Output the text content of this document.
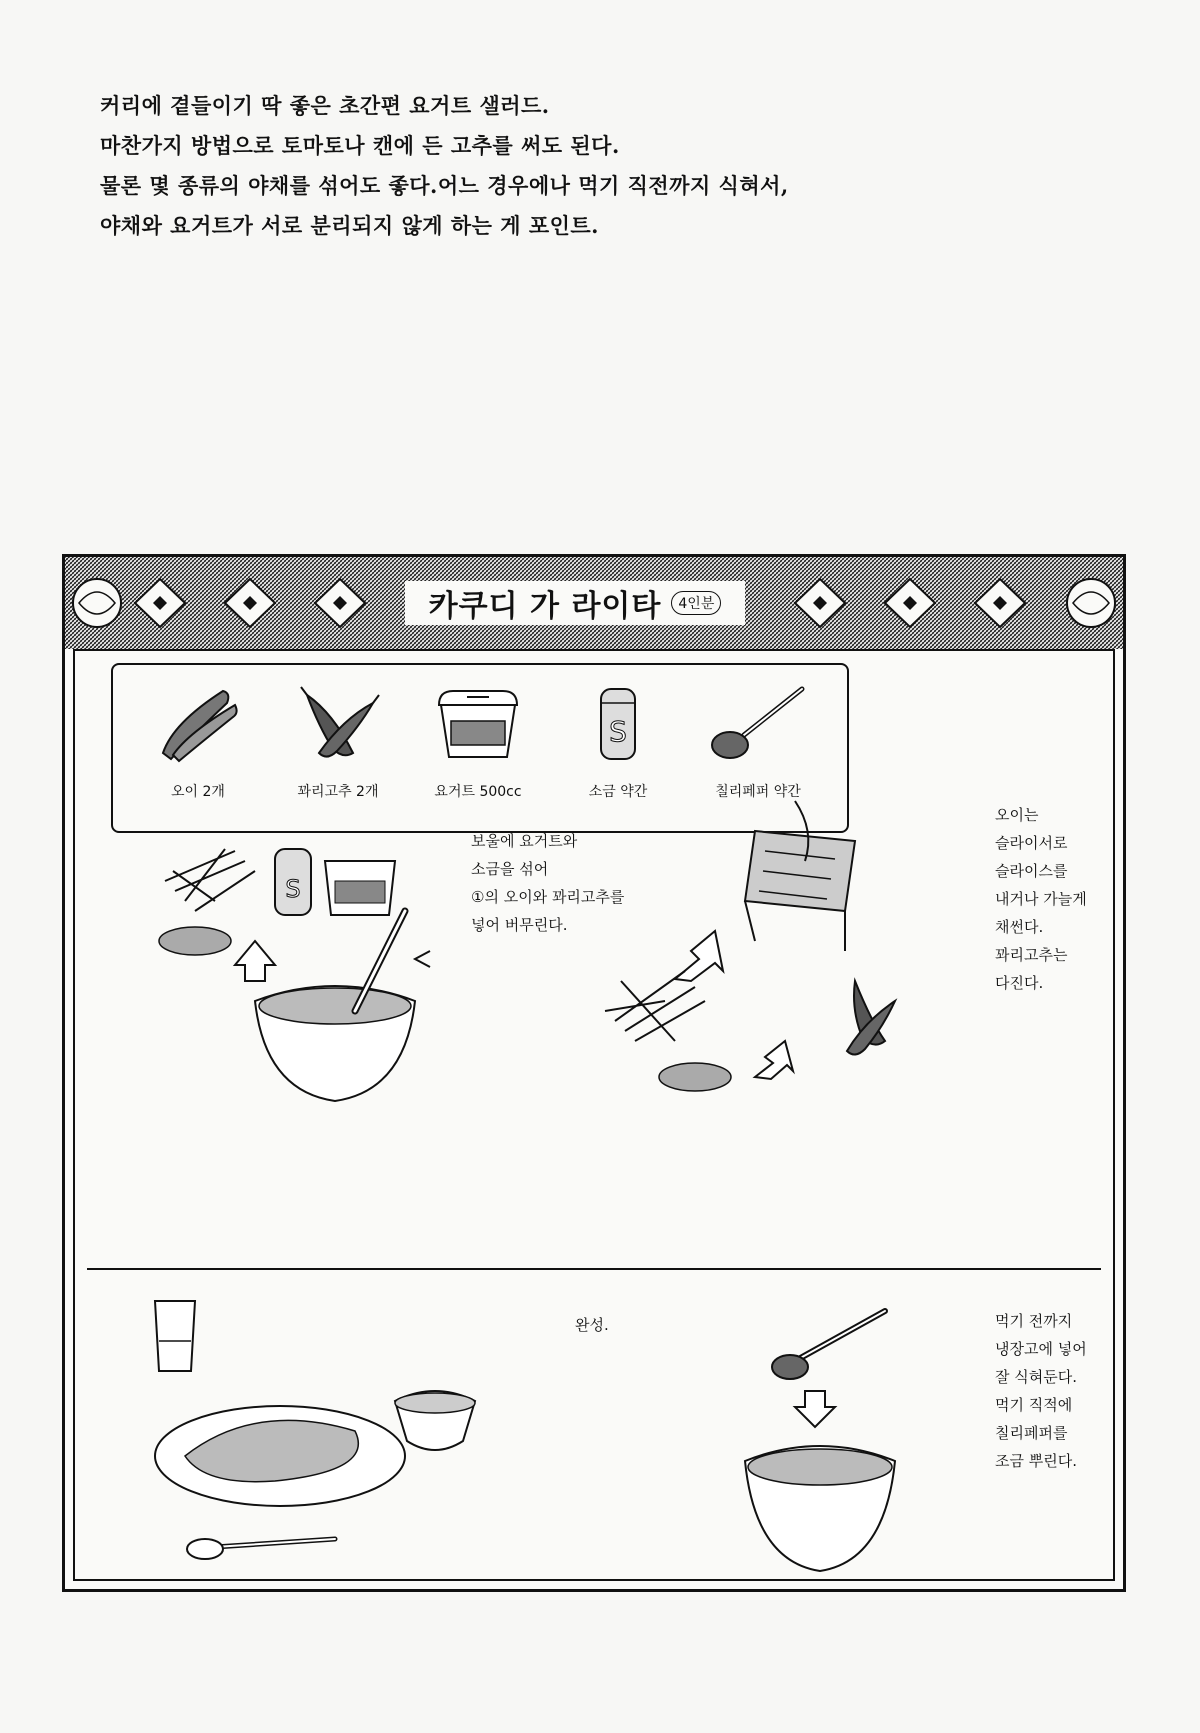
커리에 곁들이기 딱 좋은 초간편 요거트 샐러드.

마찬가지 방법으로 토마토나 캔에 든 고추를 써도 된다.

물론 몇 종류의 야채를 섞어도 좋다.어느 경우에나 먹기 직전까지 식혀서,

야채와 요거트가 서로 분리되지 않게 하는 게 포인트.

카쿠디 가 라이타	4인분
오이 2개	꽈리고추 2개	요거트 500cc
S
소금 약간	칠리페퍼 약간
S
보울에 요거트와
소금을 섞어
①의 오이와 꽈리고추를
넣어 버무린다.
오이는
슬라이서로
슬라이스를
내거나 가늘게
채썬다.
꽈리고추는
다진다.
완성.	먹기 전까지
냉장고에 넣어
잘 식혀둔다.
먹기 직적에
칠리페퍼를
조금 뿌린다.
